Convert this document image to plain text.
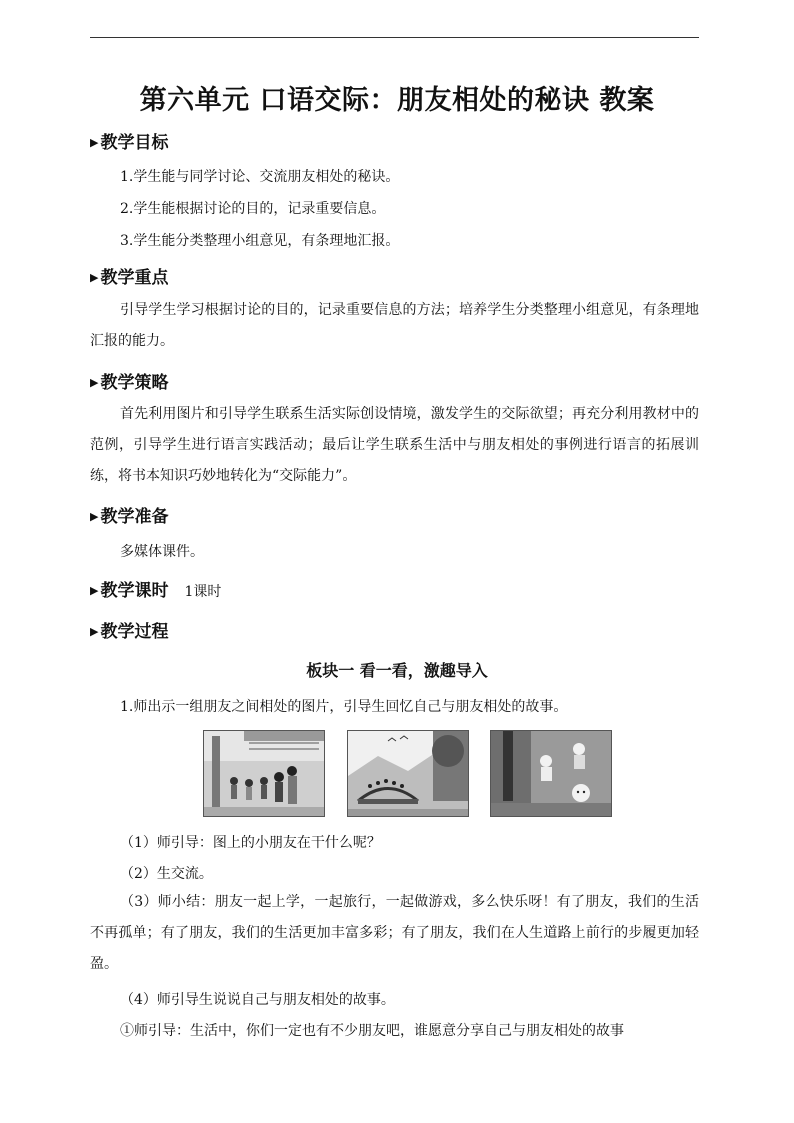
第六单元 口语交际：朋友相处的秘诀 教案
▶ 教学目标
1.学生能与同学讨论、交流朋友相处的秘诀。
2.学生能根据讨论的目的，记录重要信息。
3.学生能分类整理小组意见，有条理地汇报。
▶ 教学重点

引导学生学习根据讨论的目的，记录重要信息的方法；培养学生分类整理小组意见，有条理地汇报的能力。

▶ 教学策略

首先利用图片和引导学生联系生活实际创设情境，激发学生的交际欲望；再充分利用教材中的范例，引导学生进行语言实践活动；最后让学生联系生活中与朋友相处的事例进行语言的拓展训练，将书本知识巧妙地转化为“交际能力”。

▶ 教学准备
多媒体课件。
▶ 教学课时 1课时
▶ 教学过程
板块一 看一看，激趣导入
1.师出示一组朋友之间相处的图片，引导生回忆自己与朋友相处的故事。
（1）师引导：图上的小朋友在干什么呢？
（2）生交流。

（3）师小结：朋友一起上学，一起旅行，一起做游戏，多么快乐呀！有了朋友，我们的生活不再孤单；有了朋友，我们的生活更加丰富多彩；有了朋友，我们在人生道路上前行的步履更加轻盈。

（4）师引导生说说自己与朋友相处的故事。
①师引导：生活中，你们一定也有不少朋友吧，谁愿意分享自己与朋友相处的故事
